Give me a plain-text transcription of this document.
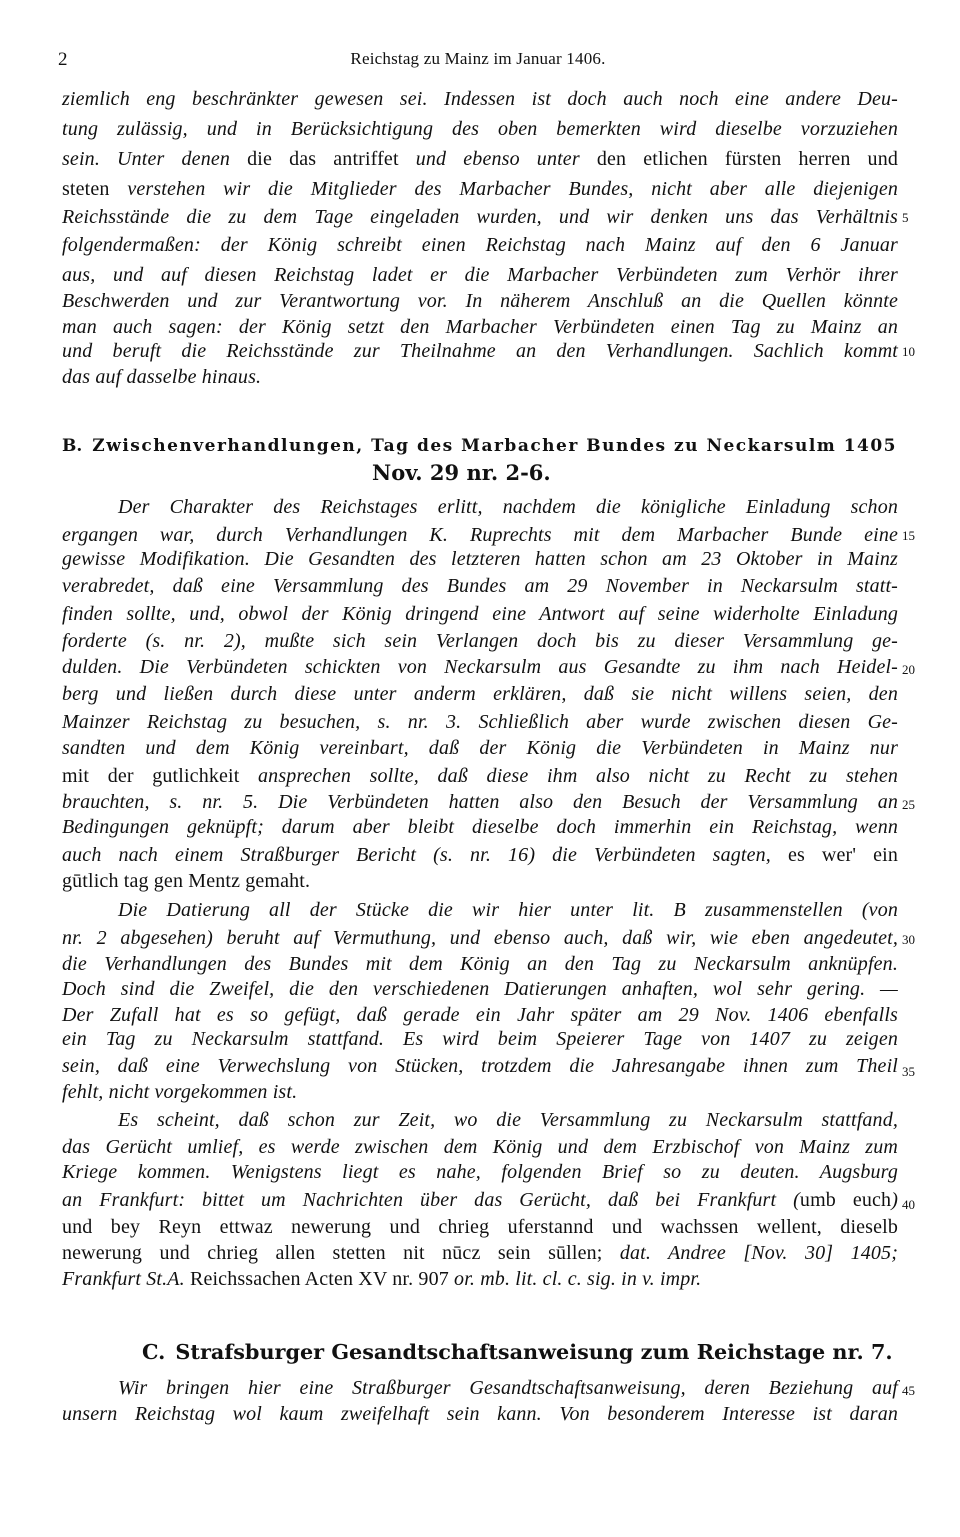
2	Reichstag zu Mainz im Januar 1406.
ziemlich eng beschränkter gewesen sei. Indessen ist doch auch noch eine andere Deu-
tung zulässig, und in Berücksichtigung des oben bemerkten wird dieselbe vorzuziehen
sein. Unter denen die das antriffet und ebenso unter den etlichen fürsten herren und
steten verstehen wir die Mitglieder des Marbacher Bundes, nicht aber alle diejenigen
Reichsstände die zu dem Tage eingeladen wurden, und wir denken uns das Verhältnis
folgendermaßen: der König schreibt einen Reichstag nach Mainz auf den 6 Januar
aus, und auf diesen Reichstag ladet er die Marbacher Verbündeten zum Verhör ihrer
Beschwerden und zur Verantwortung vor. In näherem Anschluß an die Quellen könnte
man auch sagen: der König setzt den Marbacher Verbündeten einen Tag zu Mainz an
und beruft die Reichsstände zur Theilnahme an den Verhandlungen. Sachlich kommt
das auf dasselbe hinaus.
B. Zwischenverhandlungen, Tag des Marbacher Bundes zu Neckarsulm 1405
Nov. 29 nr. 2-6.
Der Charakter des Reichstages erlitt, nachdem die königliche Einladung schon
ergangen war, durch Verhandlungen K. Ruprechts mit dem Marbacher Bunde eine
gewisse Modifikation. Die Gesandten des letzteren hatten schon am 23 Oktober in Mainz
verabredet, daß eine Versammlung des Bundes am 29 November in Neckarsulm statt-
finden sollte, und, obwol der König dringend eine Antwort auf seine widerholte Einladung
forderte (s. nr. 2), mußte sich sein Verlangen doch bis zu dieser Versammlung ge-
dulden. Die Verbündeten schickten von Neckarsulm aus Gesandte zu ihm nach Heidel-
berg und ließen durch diese unter anderm erklären, daß sie nicht willens seien, den
Mainzer Reichstag zu besuchen, s. nr. 3. Schließlich aber wurde zwischen diesen Ge-
sandten und dem König vereinbart, daß der König die Verbündeten in Mainz nur
mit der gutlichkeit ansprechen sollte, daß diese ihm also nicht zu Recht zu stehen
brauchten, s. nr. 5. Die Verbündeten hatten also den Besuch der Versammlung an
Bedingungen geknüpft; darum aber bleibt dieselbe doch immerhin ein Reichstag, wenn
auch nach einem Straßburger Bericht (s. nr. 16) die Verbündeten sagten, es wer' ein
gūtlich tag gen Mentz gemaht.
Die Datierung all der Stücke die wir hier unter lit. B zusammenstellen (von
nr. 2 abgesehen) beruht auf Vermuthung, und ebenso auch, daß wir, wie eben angedeutet,
die Verhandlungen des Bundes mit dem König an den Tag zu Neckarsulm anknüpfen.
Doch sind die Zweifel, die den verschiedenen Datierungen anhaften, wol sehr gering. —
Der Zufall hat es so gefügt, daß gerade ein Jahr später am 29 Nov. 1406 ebenfalls
ein Tag zu Neckarsulm stattfand. Es wird beim Speierer Tage von 1407 zu zeigen
sein, daß eine Verwechslung von Stücken, trotzdem die Jahresangabe ihnen zum Theil
fehlt, nicht vorgekommen ist.
Es scheint, daß schon zur Zeit, wo die Versammlung zu Neckarsulm stattfand,
das Gerücht umlief, es werde zwischen dem König und dem Erzbischof von Mainz zum
Kriege kommen. Wenigstens liegt es nahe, folgenden Brief so zu deuten. Augsburg
an Frankfurt: bittet um Nachrichten über das Gerücht, daß bei Frankfurt (umb euch)
und bey Reyn ettwaz newerung und chrieg uferstannd und wachssen wellent, dieselb
newerung und chrieg allen stetten nit nūcz sein sūllen; dat. Andree [Nov. 30] 1405;
Frankfurt St.A. Reichssachen Acten XV nr. 907 or. mb. lit. cl. c. sig. in v. impr.
C. Strafsburger Gesandtschaftsanweisung zum Reichstage nr. 7.
Wir bringen hier eine Straßburger Gesandtschaftsanweisung, deren Beziehung auf
unsern Reichstag wol kaum zweifelhaft sein kann. Von besonderem Interesse ist daran
5
10
15
20
25
30
35
40
45
